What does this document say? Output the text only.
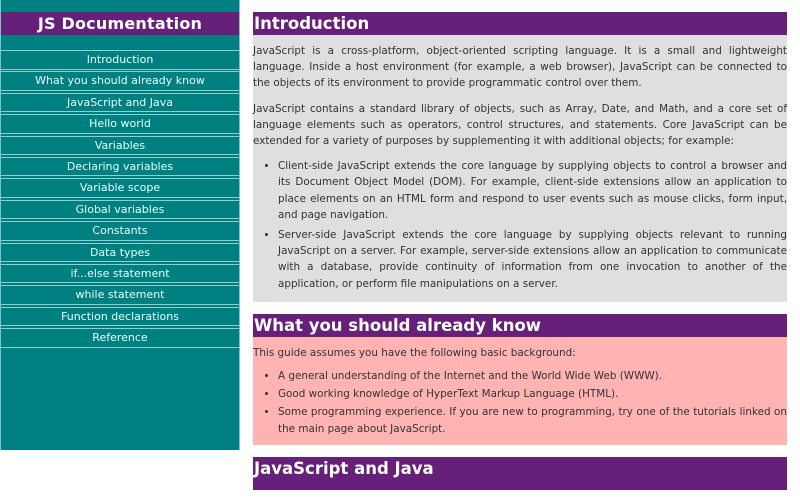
JS Documentation
Introduction
What you should already know
JavaScript and Java
Hello world
Variables
Declaring variables
Variable scope
Global variables
Constants
Data types
if...else statement
while statement
Function declarations
Reference
Introduction

JavaScript is a cross-platform, object-oriented scripting language. It is a small and lightweight language. Inside a host environment (for example, a web browser), JavaScript can be connected to the objects of its environment to provide programmatic control over them.

JavaScript contains a standard library of objects, such as Array, Date, and Math, and a core set of language elements such as operators, control structures, and statements. Core JavaScript can be extended for a variety of purposes by supplementing it with additional objects; for example:

• Client-side JavaScript extends the core language by supplying objects to control a browser and its Document Object Model (DOM). For example, client-side extensions allow an application to place elements on an HTML form and respond to user events such as mouse clicks, form input, and page navigation.
• Server-side JavaScript extends the core language by supplying objects relevant to running JavaScript on a server. For example, server-side extensions allow an application to communicate with a database, provide continuity of information from one invocation to another of the application, or perform file manipulations on a server.
What you should already know

This guide assumes you have the following basic background:

• A general understanding of the Internet and the World Wide Web (WWW).
• Good working knowledge of HyperText Markup Language (HTML).
• Some programming experience. If you are new to programming, try one of the tutorials linked on the main page about JavaScript.
JavaScript and Java
